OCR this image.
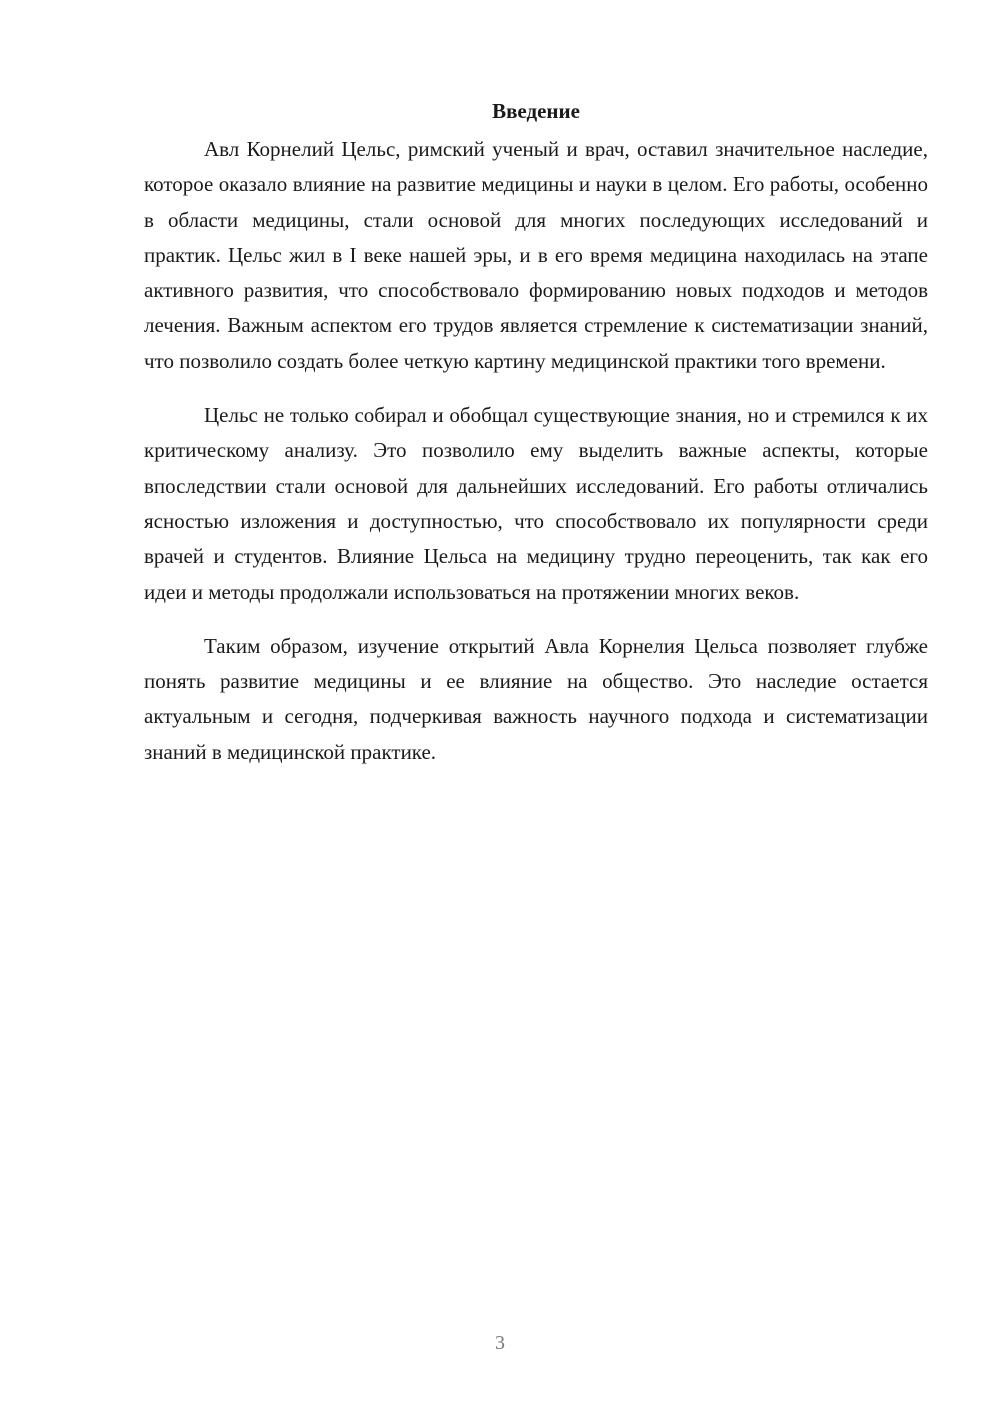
Введение

Авл Корнелий Цельс, римский ученый и врач, оставил значительное наследие, которое оказало влияние на развитие медицины и науки в целом. Его работы, особенно в области медицины, стали основой для многих последующих исследований и практик. Цельс жил в I веке нашей эры, и в его время медицина находилась на этапе активного развития, что способствовало формированию новых подходов и методов лечения. Важным аспектом его трудов является стремление к систематизации знаний, что позволило создать более четкую картину медицинской практики того времени.

Цельс не только собирал и обобщал существующие знания, но и стремился к их критическому анализу. Это позволило ему выделить важные аспекты, которые впоследствии стали основой для дальнейших исследований. Его работы отличались ясностью изложения и доступностью, что способствовало их популярности среди врачей и студентов. Влияние Цельса на медицину трудно переоценить, так как его идеи и методы продолжали использоваться на протяжении многих веков.

Таким образом, изучение открытий Авла Корнелия Цельса позволяет глубже понять развитие медицины и ее влияние на общество. Это наследие остается актуальным и сегодня, подчеркивая важность научного подхода и систематизации знаний в медицинской практике.

3
